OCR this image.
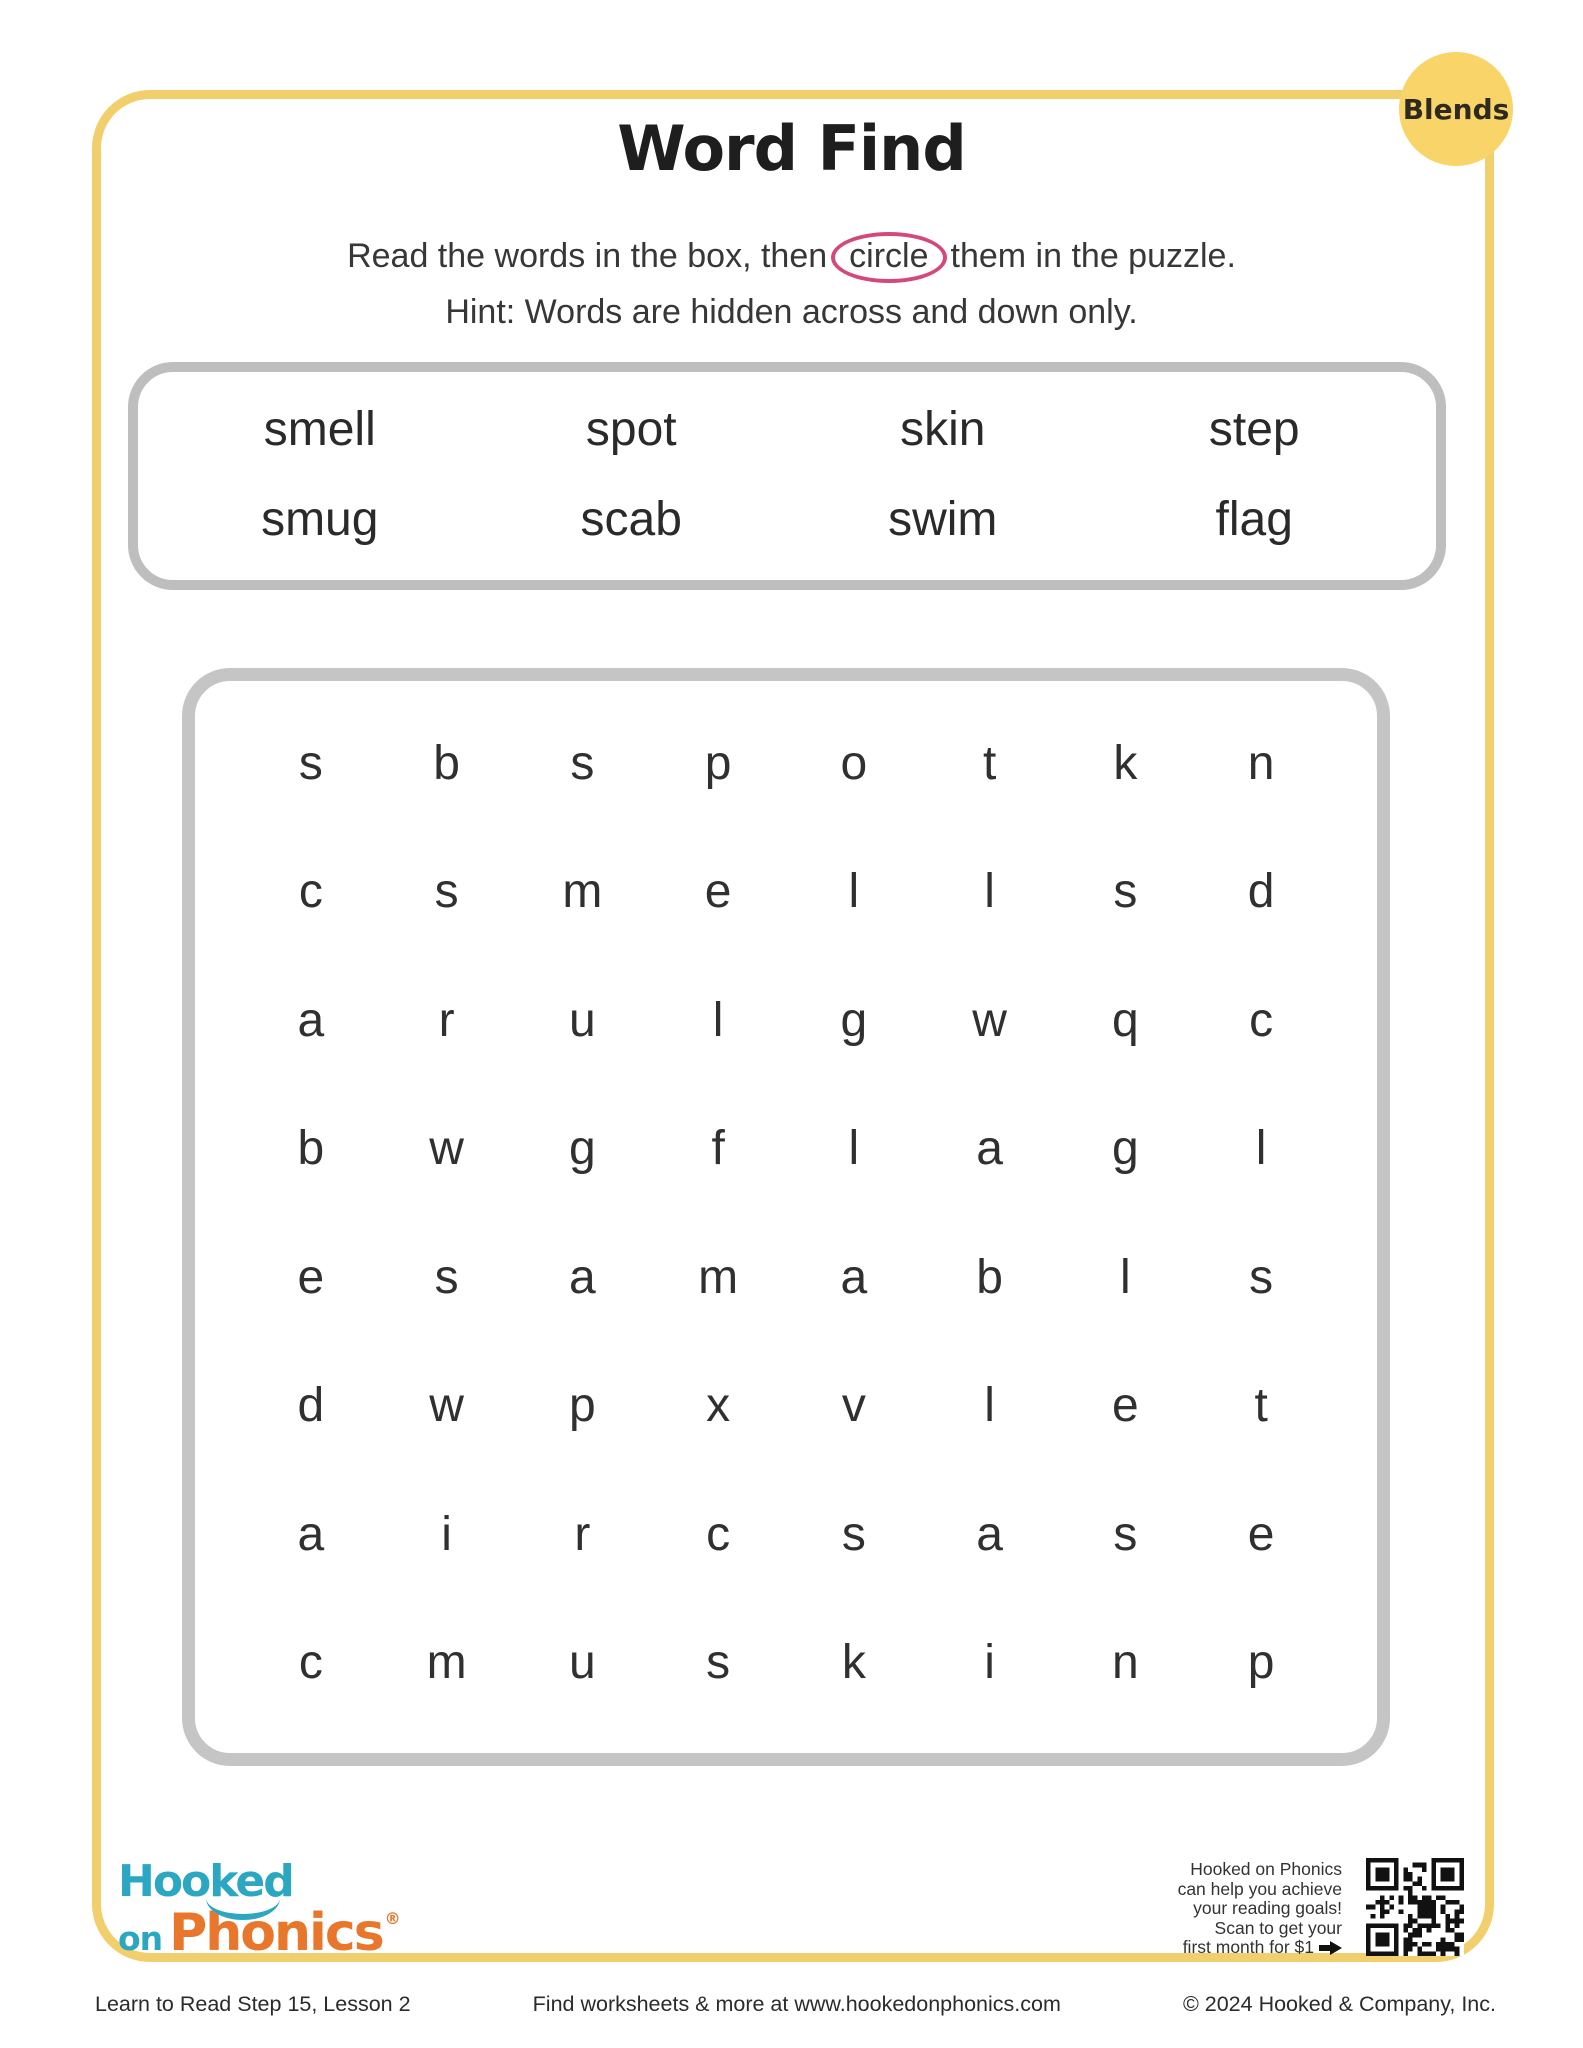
Blends
Word Find
Read the words in the box, then circle them in the puzzle.
Hint: Words are hidden across and down only.
smell	spot	skin	step
smug	scab	swim	flag
s b s p o t k n
c s m e l	l s d
a r u l g w q c
b w g f	l a g l
e s a m a b l s
d w p x v l e t
a i	r c s a s e
c m u s k i n p
Hooked
on Phonics ®
Hooked on Phonics
can help you achieve
your reading goals!
Scan to get your
first month for $1
Learn to Read Step 15, Lesson 2	Find worksheets & more at www.hookedonphonics.com	© 2024 Hooked & Company, Inc.
